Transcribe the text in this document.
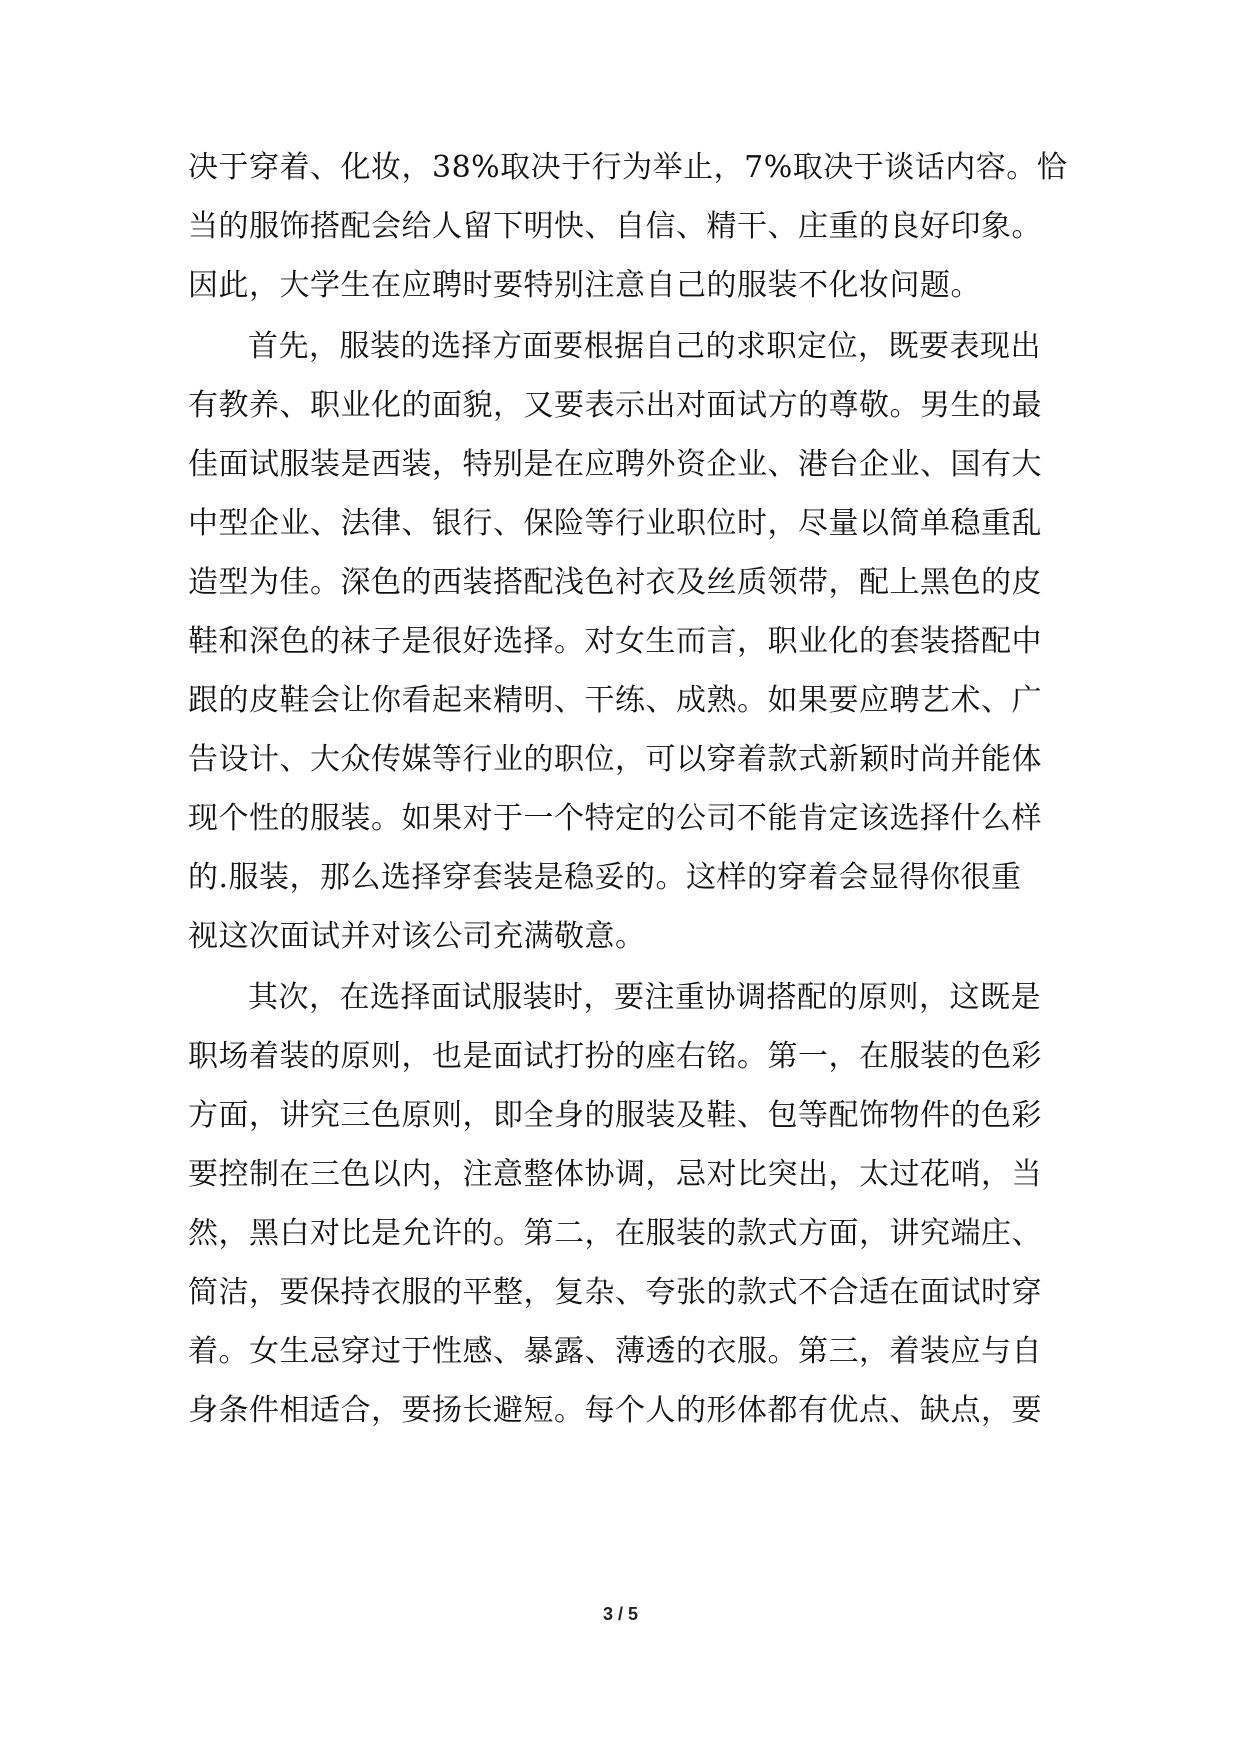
决于穿着、化妆，38%取决于行为举止，7%取决于谈话内容。恰
当的服饰搭配会给人留下明快、自信、精干、庄重的良好印象。
因此，大学生在应聘时要特别注意自己的服装不化妆问题。
首先，服装的选择方面要根据自己的求职定位，既要表现出
有教养、职业化的面貌，又要表示出对面试方的尊敬。男生的最
佳面试服装是西装，特别是在应聘外资企业、港台企业、国有大
中型企业、法律、银行、保险等行业职位时，尽量以简单稳重乱
造型为佳。深色的西装搭配浅色衬衣及丝质领带，配上黑色的皮
鞋和深色的袜子是很好选择。对女生而言，职业化的套装搭配中
跟的皮鞋会让你看起来精明、干练、成熟。如果要应聘艺术、广
告设计、大众传媒等行业的职位，可以穿着款式新颖时尚并能体
现个性的服装。如果对于一个特定的公司不能肯定该选择什么样
的.服装，那么选择穿套装是稳妥的。这样的穿着会显得你很重
视这次面试并对该公司充满敬意。
其次，在选择面试服装时，要注重协调搭配的原则，这既是
职场着装的原则，也是面试打扮的座右铭。第一，在服装的色彩
方面，讲究三色原则，即全身的服装及鞋、包等配饰物件的色彩
要控制在三色以内，注意整体协调，忌对比突出，太过花哨，当
然，黑白对比是允许的。第二，在服装的款式方面，讲究端庄、
简洁，要保持衣服的平整，复杂、夸张的款式不合适在面试时穿
着。女生忌穿过于性感、暴露、薄透的衣服。第三，着装应与自
身条件相适合，要扬长避短。每个人的形体都有优点、缺点，要
3 / 5
